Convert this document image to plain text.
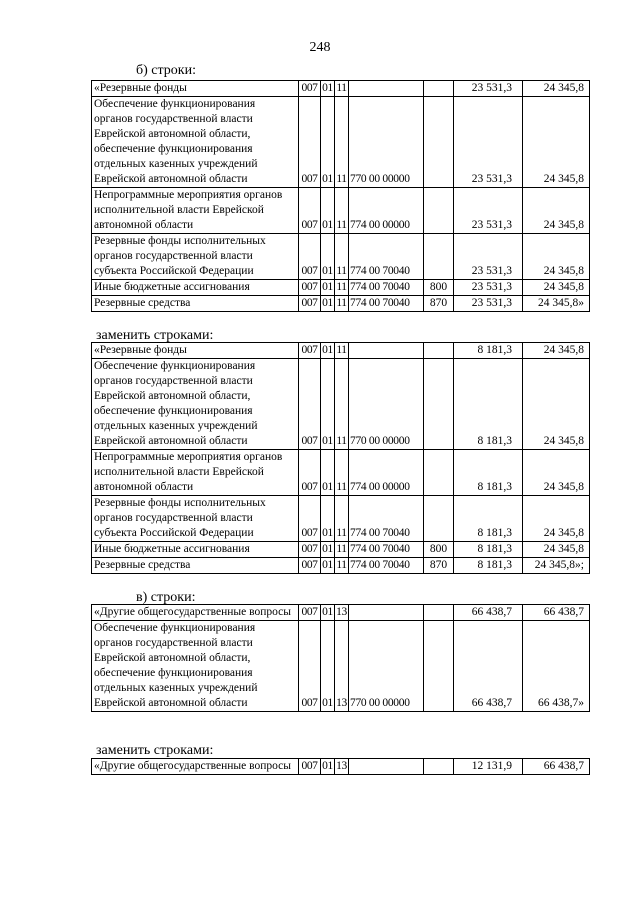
248
б) строки:
«Резервные фонды	007	01	11			23 531,3	24 345,8
Обеспечение функционирования органов государственной власти Еврейской автономной области, обеспечение функционирования отдельных казенных учреждений Еврейской автономной области	007	01	11	770 00 00000		23 531,3	24 345,8
Непрограммные мероприятия органов исполнительной власти Еврейской автономной области	007	01	11	774 00 00000		23 531,3	24 345,8
Резервные фонды исполнительных органов государственной власти субъекта Российской Федерации	007	01	11	774 00 70040		23 531,3	24 345,8
Иные бюджетные ассигнования	007	01	11	774 00 70040	800	23 531,3	24 345,8
Резервные средства	007	01	11	774 00 70040	870	23 531,3	24 345,8»
заменить строками:
«Резервные фонды	007	01	11			8 181,3	24 345,8
Обеспечение функционирования органов государственной власти Еврейской автономной области, обеспечение функционирования отдельных казенных учреждений Еврейской автономной области	007	01	11	770 00 00000		8 181,3	24 345,8
Непрограммные мероприятия органов исполнительной власти Еврейской автономной области	007	01	11	774 00 00000		8 181,3	24 345,8
Резервные фонды исполнительных органов государственной власти субъекта Российской Федерации	007	01	11	774 00 70040		8 181,3	24 345,8
Иные бюджетные ассигнования	007	01	11	774 00 70040	800	8 181,3	24 345,8
Резервные средства	007	01	11	774 00 70040	870	8 181,3	24 345,8»;
в) строки:
«Другие общегосударственные вопросы	007	01	13			66 438,7	66 438,7
Обеспечение функционирования органов государственной власти Еврейской автономной области, обеспечение функционирования отдельных казенных учреждений Еврейской автономной области	007	01	13	770 00 00000		66 438,7	66 438,7»
заменить строками:
«Другие общегосударственные вопросы	007	01	13			12 131,9	66 438,7
